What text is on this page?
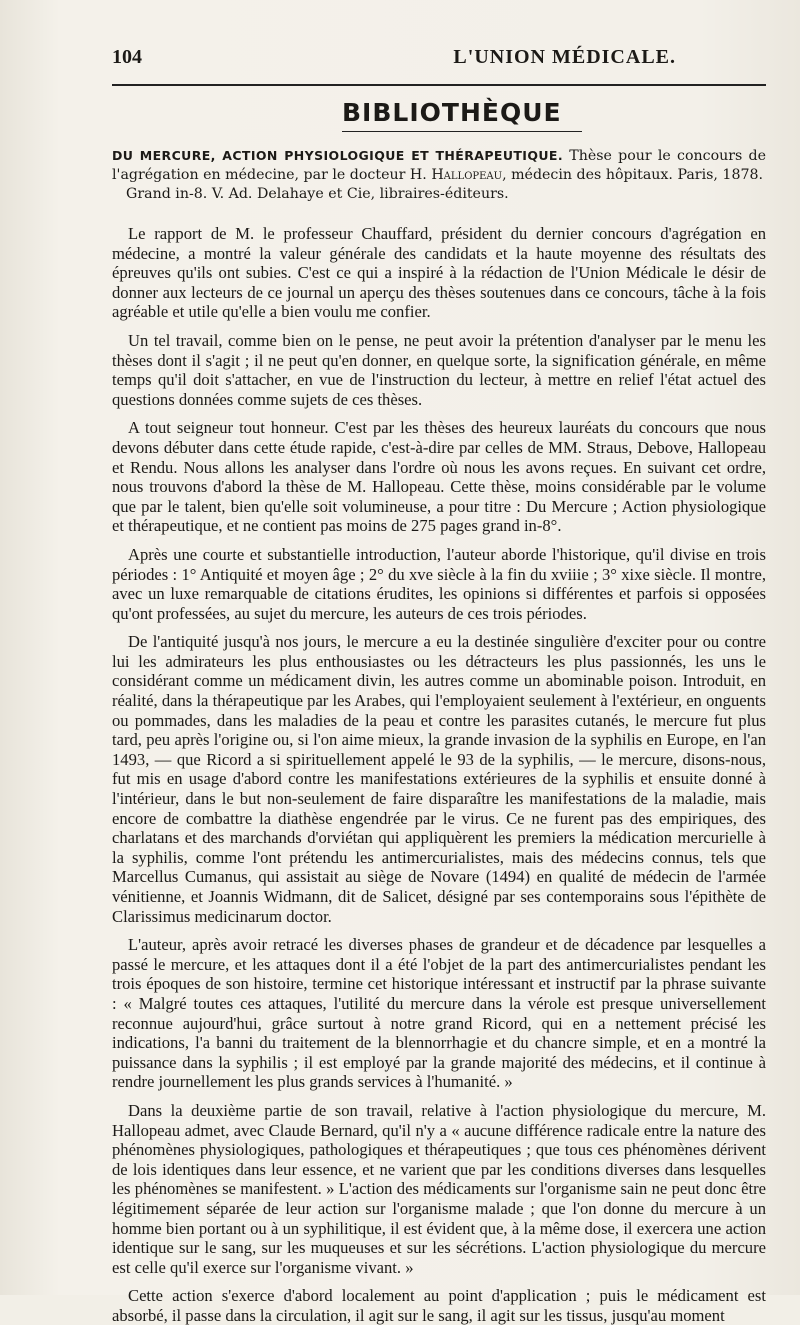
104	L'UNION MÉDICALE.
BIBLIOTHÈQUE
DU MERCURE, ACTION PHYSIOLOGIQUE ET THÉRAPEUTIQUE. Thèse pour le concours de l'agrégation en médecine, par le docteur H. Hallopeau, médecin des hôpitaux. Paris, 1878.
Grand in-8. V. Ad. Delahaye et Cie, libraires-éditeurs.

Le rapport de M. le professeur Chauffard, président du dernier concours d'agrégation en médecine, a montré la valeur générale des candidats et la haute moyenne des résultats des épreuves qu'ils ont subies. C'est ce qui a inspiré à la rédaction de l'Union Médicale le désir de donner aux lecteurs de ce journal un aperçu des thèses soutenues dans ce concours, tâche à la fois agréable et utile qu'elle a bien voulu me confier.

Un tel travail, comme bien on le pense, ne peut avoir la prétention d'analyser par le menu les thèses dont il s'agit ; il ne peut qu'en donner, en quelque sorte, la signification générale, en même temps qu'il doit s'attacher, en vue de l'instruction du lecteur, à mettre en relief l'état actuel des questions données comme sujets de ces thèses.

A tout seigneur tout honneur. C'est par les thèses des heureux lauréats du concours que nous devons débuter dans cette étude rapide, c'est-à-dire par celles de MM. Straus, Debove, Hallopeau et Rendu. Nous allons les analyser dans l'ordre où nous les avons reçues. En suivant cet ordre, nous trouvons d'abord la thèse de M. Hallopeau. Cette thèse, moins considérable par le volume que par le talent, bien qu'elle soit volumineuse, a pour titre : Du Mercure ; Action physiologique et thérapeutique, et ne contient pas moins de 275 pages grand in-8°.

Après une courte et substantielle introduction, l'auteur aborde l'historique, qu'il divise en trois périodes : 1° Antiquité et moyen âge ; 2° du xve siècle à la fin du xviiie ; 3° xixe siècle. Il montre, avec un luxe remarquable de citations érudites, les opinions si différentes et parfois si opposées qu'ont professées, au sujet du mercure, les auteurs de ces trois périodes.

De l'antiquité jusqu'à nos jours, le mercure a eu la destinée singulière d'exciter pour ou contre lui les admirateurs les plus enthousiastes ou les détracteurs les plus passionnés, les uns le considérant comme un médicament divin, les autres comme un abominable poison. Introduit, en réalité, dans la thérapeutique par les Arabes, qui l'employaient seulement à l'extérieur, en onguents ou pommades, dans les maladies de la peau et contre les parasites cutanés, le mercure fut plus tard, peu après l'origine ou, si l'on aime mieux, la grande invasion de la syphilis en Europe, en l'an 1493, — que Ricord a si spirituellement appelé le 93 de la syphilis, — le mercure, disons-nous, fut mis en usage d'abord contre les manifestations extérieures de la syphilis et ensuite donné à l'intérieur, dans le but non-seulement de faire disparaître les manifestations de la maladie, mais encore de combattre la diathèse engendrée par le virus. Ce ne furent pas des empiriques, des charlatans et des marchands d'orviétan qui appliquèrent les premiers la médication mercurielle à la syphilis, comme l'ont prétendu les antimercurialistes, mais des médecins connus, tels que Marcellus Cumanus, qui assistait au siège de Novare (1494) en qualité de médecin de l'armée vénitienne, et Joannis Widmann, dit de Salicet, désigné par ses contemporains sous l'épithète de Clarissimus medicinarum doctor.

L'auteur, après avoir retracé les diverses phases de grandeur et de décadence par lesquelles a passé le mercure, et les attaques dont il a été l'objet de la part des antimercurialistes pendant les trois époques de son histoire, termine cet historique intéressant et instructif par la phrase suivante : « Malgré toutes ces attaques, l'utilité du mercure dans la vérole est presque universellement reconnue aujourd'hui, grâce surtout à notre grand Ricord, qui en a nettement précisé les indications, l'a banni du traitement de la blennorrhagie et du chancre simple, et en a montré la puissance dans la syphilis ; il est employé par la grande majorité des médecins, et il continue à rendre journellement les plus grands services à l'humanité. »

Dans la deuxième partie de son travail, relative à l'action physiologique du mercure, M. Hallopeau admet, avec Claude Bernard, qu'il n'y a « aucune différence radicale entre la nature des phénomènes physiologiques, pathologiques et thérapeutiques ; que tous ces phénomènes dérivent de lois identiques dans leur essence, et ne varient que par les conditions diverses dans lesquelles les phénomènes se manifestent. » L'action des médicaments sur l'organisme sain ne peut donc être légitimement séparée de leur action sur l'organisme malade ; que l'on donne du mercure à un homme bien portant ou à un syphilitique, il est évident que, à la même dose, il exercera une action identique sur le sang, sur les muqueuses et sur les sécrétions. L'action physiologique du mercure est celle qu'il exerce sur l'organisme vivant. »

Cette action s'exerce d'abord localement au point d'application ; puis le médicament est absorbé, il passe dans la circulation, il agit sur le sang, il agit sur les tissus, jusqu'au moment
